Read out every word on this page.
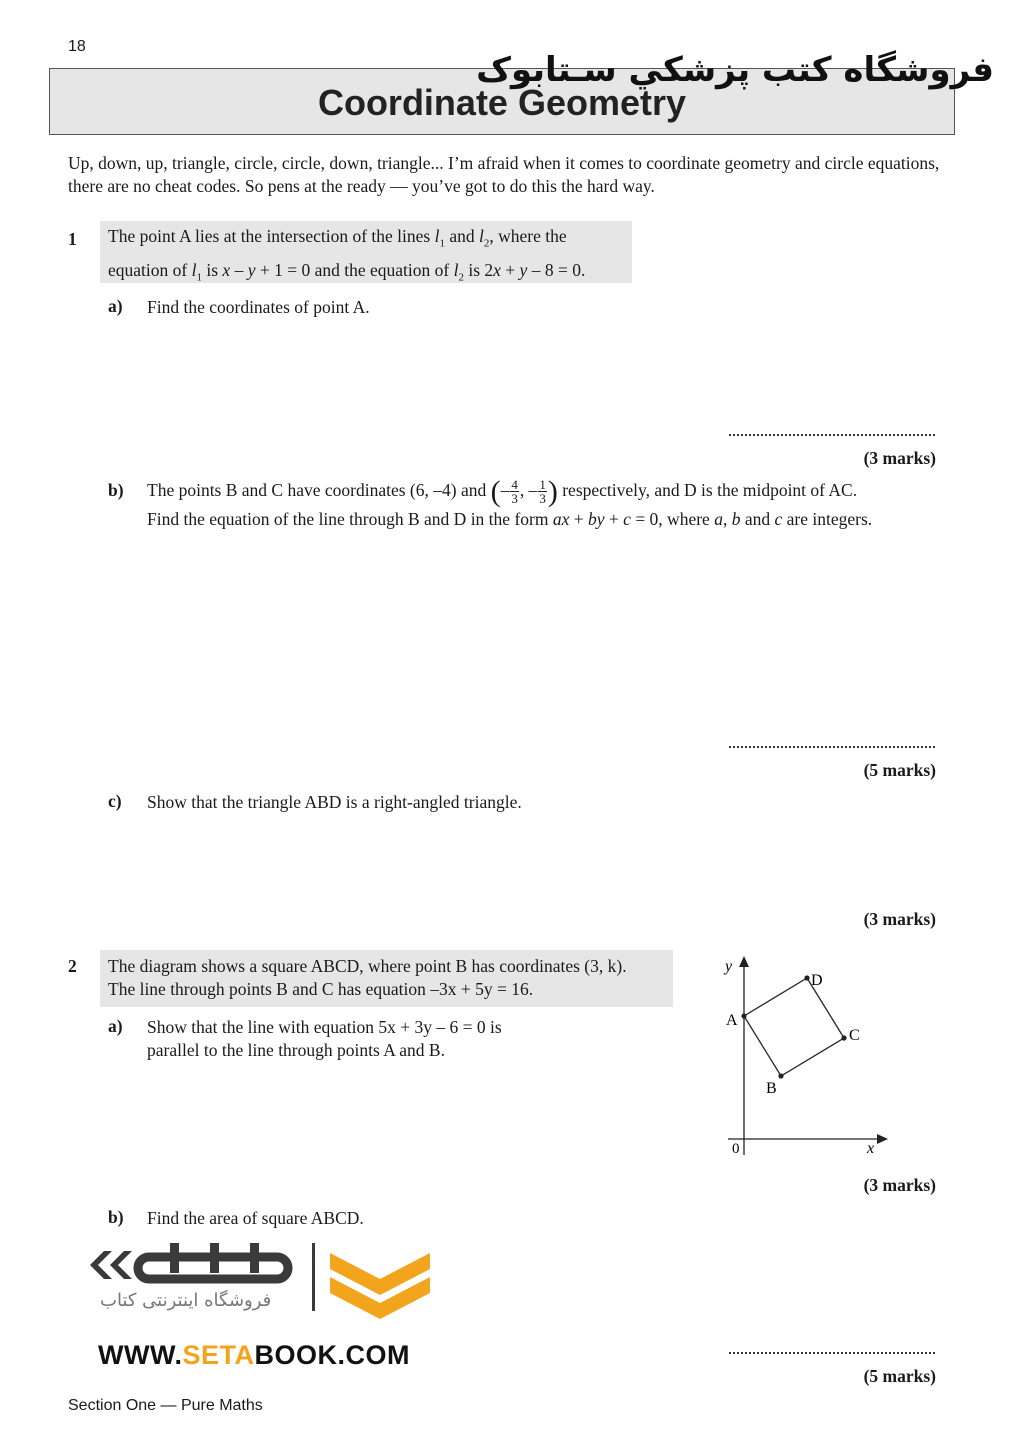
18
Coordinate Geometry
فروشگاه کتب پزشکي سـتابوک
Up, down, up, triangle, circle, circle, down, triangle... I’m afraid when it comes to coordinate geometry and circle equations, there are no cheat codes. So pens at the ready — you’ve got to do this the hard way.
1 The point A lies at the intersection of the lines $l_1$ and $l_2$, where the
equation of $l_1$ is x – y + 1 = 0 and the equation of $l_2$ is 2x + y – 8 = 0.
a) Find the coordinates of point A.
(3 marks)
b) The points B and C have coordinates (6, –4) and (– $\frac{4}{3}$ , – $\frac{1}{3}$ ) respectively, and D is the midpoint of AC.
Find the equation of the line through B and D in the form ax + by + c = 0, where a, b and c are integers.
(5 marks)
c) Show that the triangle ABD is a right-angled triangle.
(3 marks)
2 The diagram shows a square ABCD, where point B has coordinates (3, k).
The line through points B and C has equation –3x + 5y = 16.
a) Show that the line with equation 5x + 3y – 6 = 0 is
parallel to the line through points A and B.
y
x
0
A
D
C
B
(3 marks)
b) Find the area of square ABCD.
(5 marks)
فروشگاه اینترنتی کتاب
WWW.SETABOOK.COM
Section One — Pure Maths
